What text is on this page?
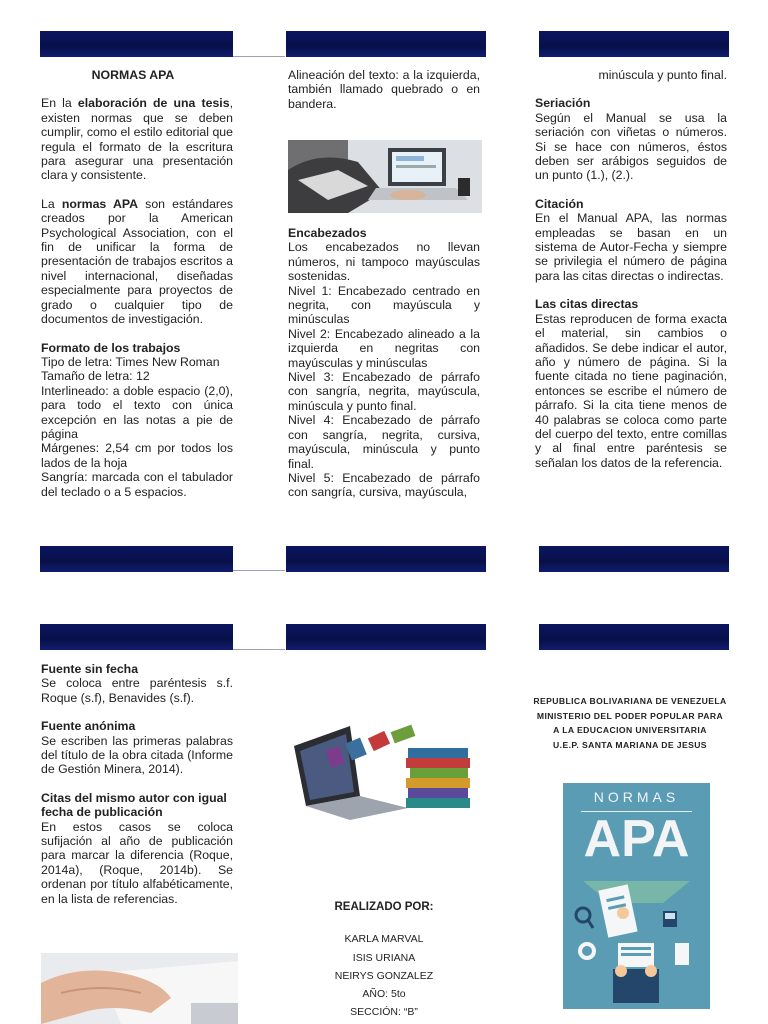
NORMAS APA

En la elaboración de una tesis, existen normas que se deben cumplir, como el estilo editorial que regula el formato de la escritura para asegurar una presentación clara y consistente.

La normas APA son estándares creados por la American Psychological Association, con el fin de unificar la forma de presentación de trabajos escritos a nivel internacional, diseñadas especialmente para proyectos de grado o cualquier tipo de documentos de investigación.

Formato de los trabajos

Tipo de letra: Times New Roman

Tamaño de letra: 12

Interlineado: a doble espacio (2,0), para todo el texto con única excepción en las notas a pie de página

Márgenes: 2,54 cm por todos los lados de la hoja

Sangría: marcada con el tabulador del teclado o a 5 espacios.

Alineación del texto: a la izquierda, también llamado quebrado o en bandera.

Encabezados

Los encabezados no llevan números, ni tampoco mayúsculas sostenidas.

Nivel 1: Encabezado centrado en negrita, con mayúscula y minúsculas

Nivel 2: Encabezado alineado a la izquierda en negritas con mayúsculas y minúsculas

Nivel 3: Encabezado de párrafo con sangría, negrita, mayúscula, minúscula y punto final.

Nivel 4: Encabezado de párrafo con sangría, negrita, cursiva, mayúscula, minúscula y punto final.

Nivel 5: Encabezado de párrafo con sangría, cursiva, mayúscula,

minúscula y punto final.

Seriación

Según el Manual se usa la seriación con viñetas o números. Si se hace con números, éstos deben ser arábigos seguidos de un punto (1.), (2.).

Citación

En el Manual APA, las normas empleadas se basan en un sistema de Autor-Fecha y siempre se privilegia el número de página para las citas directas o indirectas.

Las citas directas

Estas reproducen de forma exacta el material, sin cambios o añadidos. Se debe indicar el autor, año y número de página. Si la fuente citada no tiene paginación, entonces se escribe el número de párrafo. Si la cita tiene menos de 40 palabras se coloca como parte del cuerpo del texto, entre comillas y al final entre paréntesis se señalan los datos de la referencia.

Fuente sin fecha

Se coloca entre paréntesis s.f. Roque (s.f), Benavides (s.f).

Fuente anónima

Se escriben las primeras palabras del título de la obra citada (Informe de Gestión Minera, 2014).

Citas del mismo autor con igual fecha de publicación

En estos casos se coloca sufijación al año de publicación para marcar la diferencia (Roque, 2014a), (Roque, 2014b). Se ordenan por título alfabéticamente, en la lista de referencias.

REALIZADO POR:

KARLA MARVAL

ISIS URIANA

NEIRYS GONZALEZ

AÑO: 5to

SECCIÓN: “B”

REPUBLICA BOLIVARIANA DE VENEZUELA

MINISTERIO DEL PODER POPULAR PARA

A LA EDUCACION UNIVERSITARIA

U.E.P. SANTA MARIANA DE JESUS

NORMAS
APA
